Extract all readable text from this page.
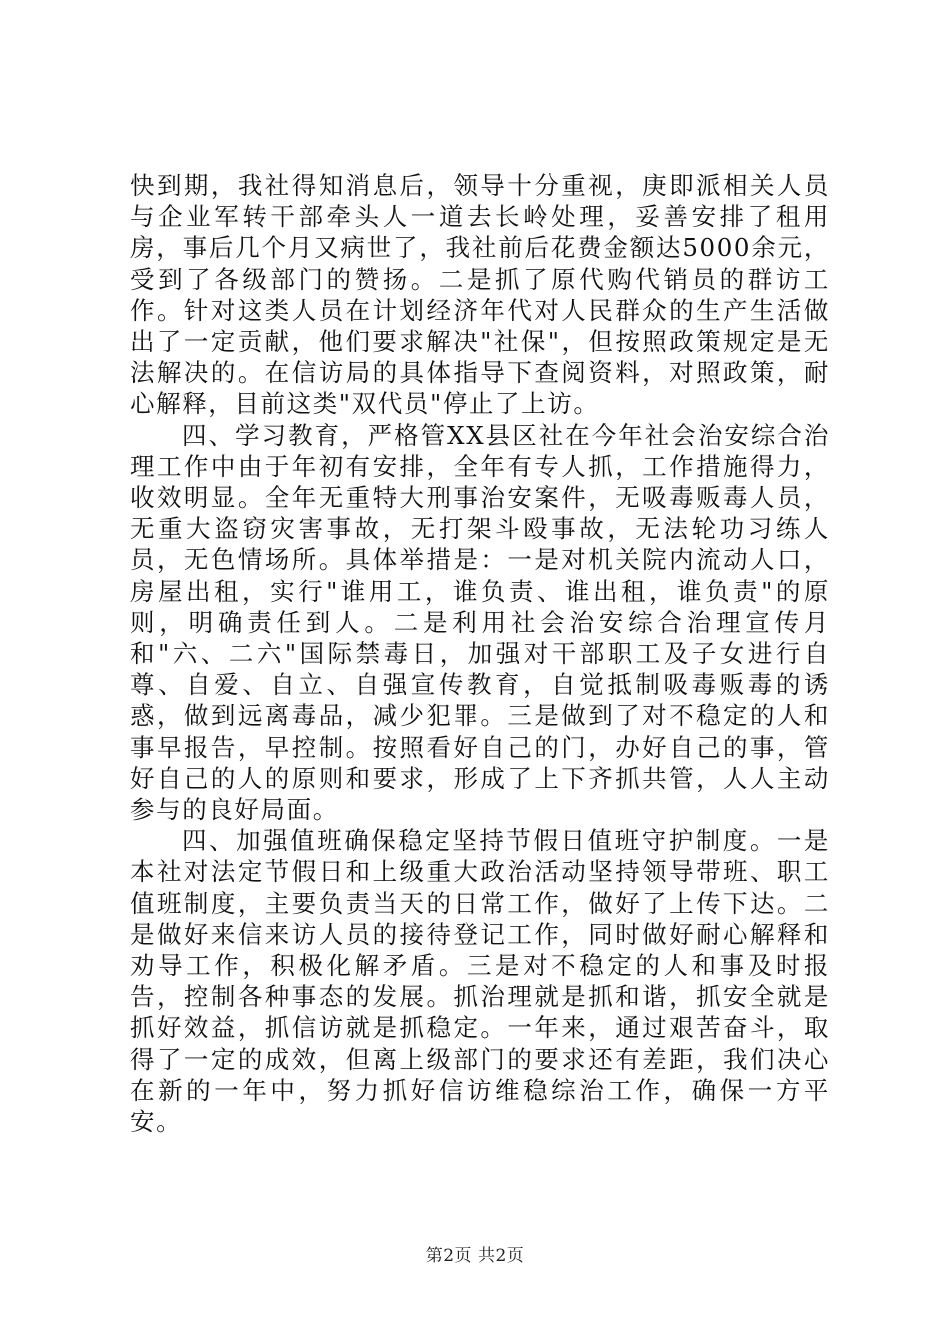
快到期，我社得知消息后，领导十分重视，庚即派相关人员与企业军转干部牵头人一道去长岭处理，妥善安排了租用房，事后几个月又病世了，我社前后花费金额达5000余元，受到了各级部门的赞扬。二是抓了原代购代销员的群访工作。针对这类人员在计划经济年代对人民群众的生产生活做出了一定贡献，他们要求解决"社保"，但按照政策规定是无法解决的。在信访局的具体指导下查阅资料，对照政策，耐心解释，目前这类"双代员"停止了上访。

四、学习教育，严格管XX县区社在今年社会治安综合治理工作中由于年初有安排，全年有专人抓，工作措施得力，收效明显。全年无重特大刑事治安案件，无吸毒贩毒人员，无重大盗窃灾害事故，无打架斗殴事故，无法轮功习练人员，无色情场所。具体举措是：一是对机关院内流动人口，房屋出租，实行"谁用工，谁负责、谁出租，谁负责"的原则，明确责任到人。二是利用社会治安综合治理宣传月和"六、二六"国际禁毒日，加强对干部职工及子女进行自尊、自爱、自立、自强宣传教育，自觉抵制吸毒贩毒的诱惑，做到远离毒品，减少犯罪。三是做到了对不稳定的人和事早报告，早控制。按照看好自己的门，办好自己的事，管好自己的人的原则和要求，形成了上下齐抓共管，人人主动参与的良好局面。

四、加强值班确保稳定坚持节假日值班守护制度。一是本社对法定节假日和上级重大政治活动坚持领导带班、职工值班制度，主要负责当天的日常工作，做好了上传下达。二是做好来信来访人员的接待登记工作，同时做好耐心解释和劝导工作，积极化解矛盾。三是对不稳定的人和事及时报告，控制各种事态的发展。抓治理就是抓和谐，抓安全就是抓好效益，抓信访就是抓稳定。一年来，通过艰苦奋斗，取得了一定的成效，但离上级部门的要求还有差距，我们决心在新的一年中，努力抓好信访维稳综治工作，确保一方平安。

第2页 共2页
